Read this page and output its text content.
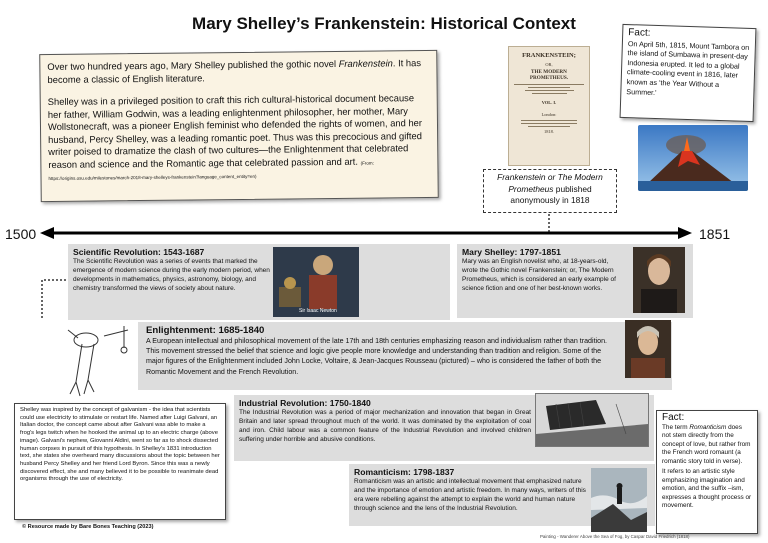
Mary Shelley’s Frankenstein: Historical Context

Over two hundred years ago, Mary Shelley published the gothic novel Frankenstein. It has become a classic of English literature.

Shelley was in a privileged position to craft this rich cultural-historical document because her father, William Godwin, was a leading enlightenment philosopher, her mother, Mary Wollstonecraft, was a pioneer English feminist who defended the rights of women, and her husband, Percy Shelley, was a leading romantic poet. Thus was this precocious and gifted writer poised to dramatize the clash of two cultures—the Enlightenment that celebrated reason and science and the Romantic age that celebrated passion and art. (From: https://origins.osu.edu/milestones/march-2018-mary-shelleys-frankenstein?language_content_entity=en)

FRANKENSTEIN;
OR,
THE MODERN PROMETHEUS.
VOL. I.
London:
1818.
Frankenstein or The Modern Prometheus published anonymously in 1818
Fact:
On April 5th, 1815, Mount Tambora on the island of Sumbawa in present-day Indonesia erupted. It led to a global climate-cooling event in 1816, later known as 'the Year Without a Summer.'
1500	1851
Scientific Revolution: 1543-1687
The Scientific Revolution was a series of events that marked the emergence of modern science during the early modern period, when developments in mathematics, physics, astronomy, biology, and chemistry transformed the views of society about nature.
Sir Isaac Newton
Mary Shelley: 1797-1851
Mary was an English novelist who, at 18-years-old, wrote the Gothic novel Frankenstein; or, The Modern Prometheus, which is considered an early example of science fiction and one of her best-known works.
Enlightenment: 1685-1840
A European intellectual and philosophical movement of the late 17th and 18th centuries emphasizing reason and individualism rather than tradition. This movement stressed the belief that science and logic give people more knowledge and understanding than tradition and religion. Some of the major figures of the Enlightenment included John Locke, Voltaire, & Jean-Jacques Rousseau (pictured) – who is considered the father of both the Romantic Movement and the French Revolution.
Shelley was inspired by the concept of galvanism - the idea that scientists could use electricity to stimulate or restart life. Named after Luigi Galvani, an Italian doctor, the concept came about after Galvani was able to make a frog's legs twitch when he hooked the animal up to an electric charge (above image). Galvani's nephew, Giovanni Aldini, went so far as to shock dissected human corpses in pursuit of this hypothesis. In Shelley's 1831 introduction text, she states she overheard many discussions about the topic between her husband Percy Shelley and her friend Lord Byron. Since this was a newly discovered effect, she and many believed it to be possible to reanimate dead organisms through the use of electricity.
Industrial Revolution: 1750-1840
The Industrial Revolution was a period of major mechanization and innovation that began in Great Britain and later spread throughout much of the world. It was dominated by the exploitation of coal and iron. Child labour was a common feature of the Industrial Revolution and involved children suffering under horrible and abusive conditions.
Romanticism: 1798-1837
Romanticism was an artistic and intellectual movement that emphasized nature and the importance of emotion and artistic freedom. In many ways, writers of this era were rebelling against the attempt to explain the world and human nature through science and the lens of the Industrial Revolution.
Fact:
The term Romanticism does not stem directly from the concept of love, but rather from the French word romaunt (a romantic story told in verse).
It refers to an artistic style emphasizing imagination and emotion, and the suffix –ism, expresses a thought process or movement.
© Resource made by Bare Bones Teaching (2023)
Painting - Wanderer Above the Sea of Fog, by Caspar David Friedrich (1818)
